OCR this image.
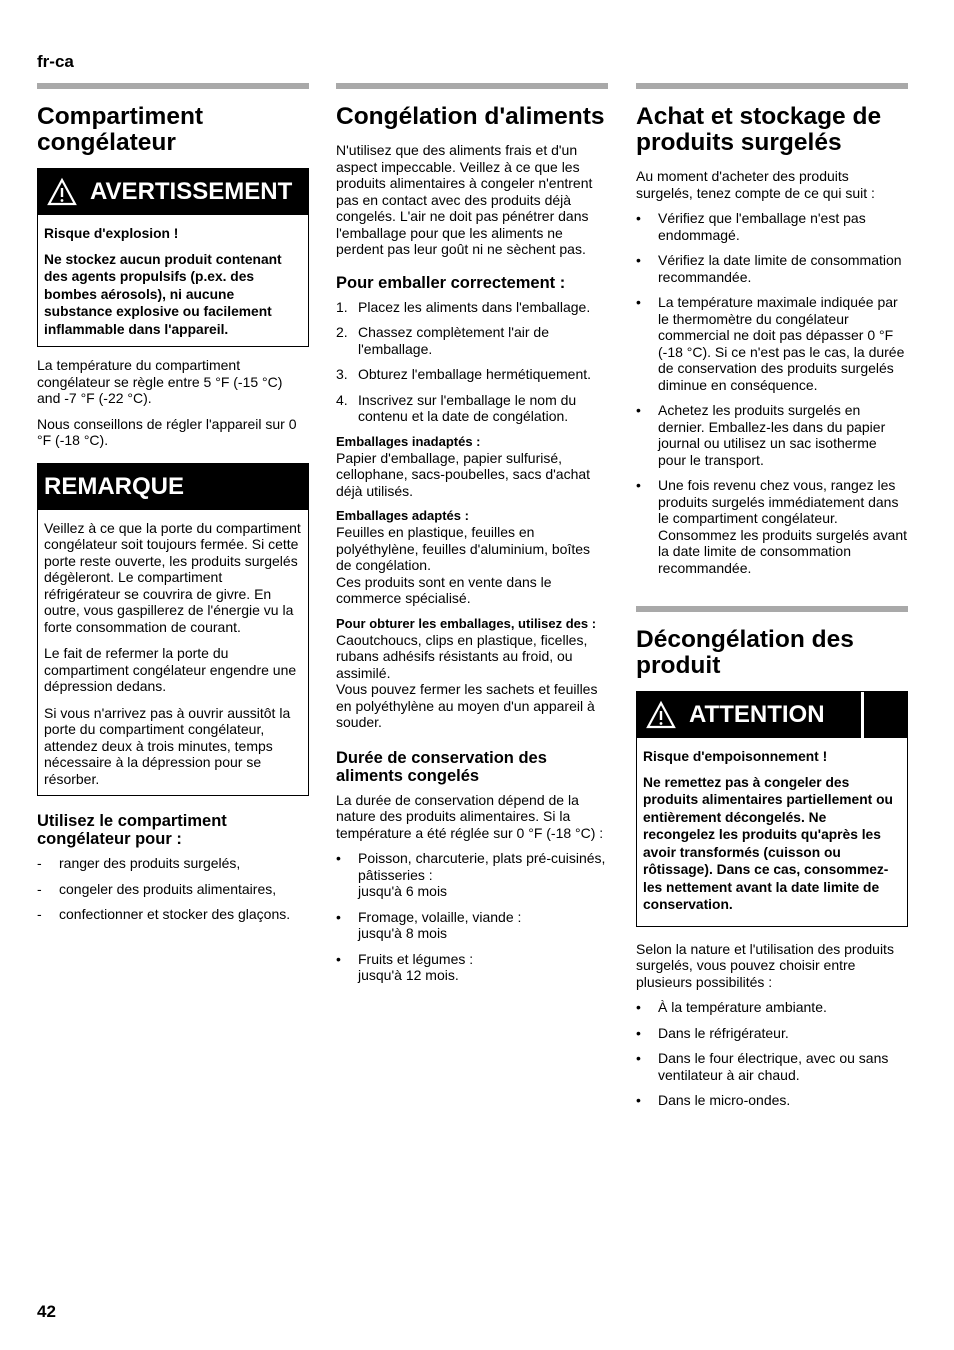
fr-ca
Compartiment congélateur
AVERTISSEMENT

Risque d'explosion !

Ne stockez aucun produit contenant des agents propulsifs (p.ex. des bombes aérosols), ni aucune substance explosive ou facilement inflammable dans l'appareil.

La température du compartiment congélateur se règle entre 5 °F (-15 °C) and -7 °F (-22 °C).

Nous conseillons de régler l'appareil sur 0 °F (-18 °C).

REMARQUE

Veillez à ce que la porte du compartiment congélateur soit toujours fermée. Si cette porte reste ouverte, les produits surgelés dégèleront. Le compartiment réfrigérateur se couvrira de givre. En outre, vous gaspillerez de l'énergie vu la forte consommation de courant.

Le fait de refermer la porte du compartiment congélateur engendre une dépression dedans.

Si vous n'arrivez pas à ouvrir aussitôt la porte du compartiment congélateur, attendez deux à trois minutes, temps nécessaire à la dépression pour se résorber.

Utilisez le compartiment congélateur pour :
-	ranger des produits surgelés,
-	congeler des produits alimentaires,
-	confectionner et stocker des glaçons.
Congélation d'aliments

N'utilisez que des aliments frais et d'un aspect impeccable. Veillez à ce que les produits alimentaires à congeler n'entrent pas en contact avec des produits déjà congelés. L'air ne doit pas pénétrer dans l'emballage pour que les aliments ne perdent pas leur goût ni ne sèchent pas.

Pour emballer correctement :
1. Placez les aliments dans l'emballage.
2. Chassez complètement l'air de l'emballage.
3. Obturez l'emballage hermétiquement.
4. Inscrivez sur l'emballage le nom du contenu et la date de congélation.
Emballages inadaptés :

Papier d'emballage, papier sulfurisé, cellophane, sacs-poubelles, sacs d'achat déjà utilisés.

Emballages adaptés :

Feuilles en plastique, feuilles en polyéthylène, feuilles d'aluminium, boîtes de congélation.

Ces produits sont en vente dans le commerce spécialisé.

Pour obturer les emballages, utilisez des :

Caoutchoucs, clips en plastique, ficelles, rubans adhésifs résistants au froid, ou assimilé.

Vous pouvez fermer les sachets et feuilles en polyéthylène au moyen d'un appareil à souder.

Durée de conservation des aliments congelés

La durée de conservation dépend de la nature des produits alimentaires. Si la température a été réglée sur 0 °F (-18 °C) :

•	Poisson, charcuterie, plats pré-cuisinés, pâtisseries :
jusqu'à 6 mois
•	Fromage, volaille, viande :
jusqu'à 8 mois
•	Fruits et légumes :
jusqu'à 12 mois.
Achat et stockage de produits surgelés

Au moment d'acheter des produits surgelés, tenez compte de ce qui suit :

•	Vérifiez que l'emballage n'est pas endommagé.
•	Vérifiez la date limite de consommation recommandée.
•	La température maximale indiquée par le thermomètre du congélateur commercial ne doit pas dépasser 0 °F (-18 °C). Si ce n'est pas le cas, la durée de conservation des produits surgelés diminue en conséquence.
•	Achetez les produits surgelés en dernier. Emballez-les dans du papier journal ou utilisez un sac isotherme pour le transport.
•	Une fois revenu chez vous, rangez les produits surgelés immédiatement dans le compartiment congélateur. Consommez les produits surgelés avant la date limite de consommation recommandée.
Décongélation des produit
ATTENTION

Risque d'empoisonnement !

Ne remettez pas à congeler des produits alimentaires partiellement ou entièrement décongelés. Ne recongelez les produits qu'après les avoir transformés (cuisson ou rôtissage). Dans ce cas, consommez-les nettement avant la date limite de conservation.

Selon la nature et l'utilisation des produits surgelés, vous pouvez choisir entre plusieurs possibilités :

•	À la température ambiante.
•	Dans le réfrigérateur.
•	Dans le four électrique, avec ou sans ventilateur à air chaud.
•	Dans le micro-ondes.
42
